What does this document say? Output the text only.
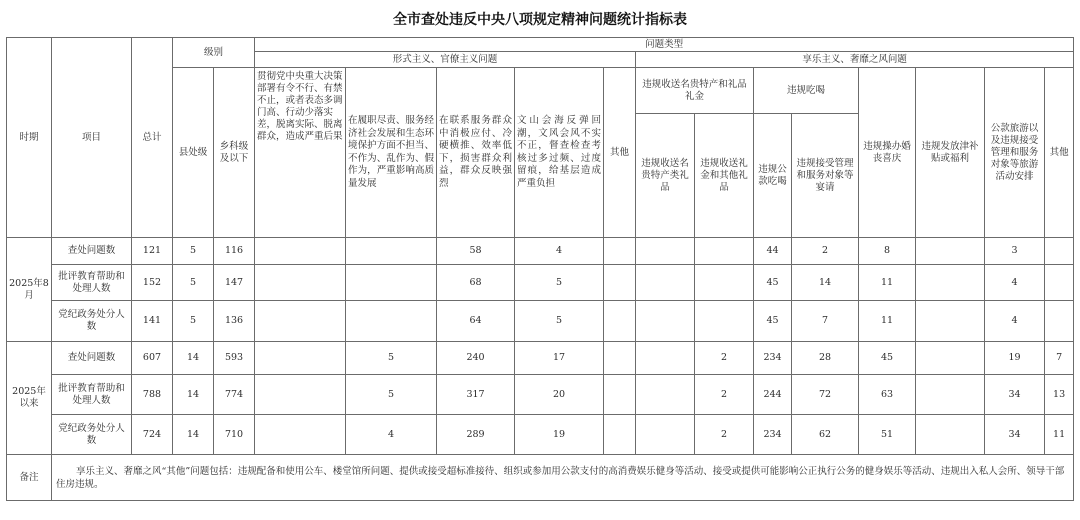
全市查处违反中央八项规定精神问题统计指标表
时期	项目	总计	级别		问题类型													
					形式主义、官僚主义问题					享乐主义、奢靡之风问题								
			县处级	乡科级及以下	贯彻党中央重大决策部署有令不行、有禁不止，或者表态多调门高、行动少落实差，脱离实际、脱离群众，造成严重后果	在履职尽责、服务经济社会发展和生态环境保护方面不担当、不作为、乱作为、假作为，严重影响高质量发展	在联系服务群众中消极应付、冷硬横推、效率低下，损害群众利益，群众反映强烈	文山会海反弹回潮，文风会风不实不正，督查检查考核过多过频、过度留痕，给基层造成严重负担	其他	违规收送名贵特产和礼品礼金		违规吃喝		违规操办婚丧喜庆	违规发放津补贴或福利	公款旅游以及违规接受管理和服务对象等旅游活动安排	其他	
										违规收送名贵特产类礼品	违规收送礼金和其他礼品	违规公款吃喝	违规接受管理和服务对象等宴请					

2025年8月	查处问题数	121	5	116			58	4				44	2	8		3		
	批评教育帮助和处理人数	152	5	147			68	5				45	14	11		4		
	党纪政务处分人数	141	5	136			64	5				45	7	11		4		
2025年以来	查处问题数	607	14	593		5	240	17			2	234	28	45		19	7	
	批评教育帮助和处理人数	788	14	774		5	317	20			2	244	72	63		34	13	
	党纪政务处分人数	724	14	710		4	289	19			2	234	62	51		34	11	
备注	享乐主义、奢靡之风“其他”问题包括：违规配备和使用公车、楼堂馆所问题、提供或接受超标准接待、组织或参加用公款支付的高消费娱乐健身等活动、接受或提供可能影响公正执行公务的健身娱乐等活动、违规出入私人会所、领导干部住房违规。																	
